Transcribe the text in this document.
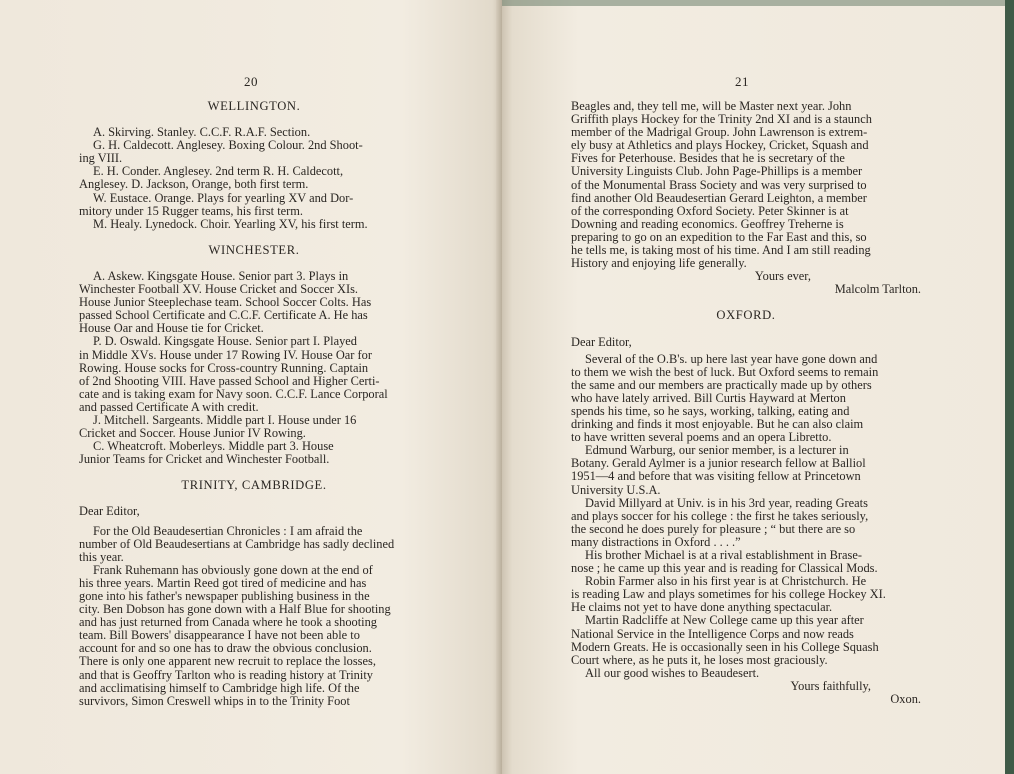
20
WELLINGTON.

A. Skirving. Stanley. C.C.F. R.A.F. Section.

G. H. Caldecott. Anglesey. Boxing Colour. 2nd Shoot-

ing VIII.

E. H. Conder. Anglesey. 2nd term R. H. Caldecott,

Anglesey. D. Jackson, Orange, both first term.

W. Eustace. Orange. Plays for yearling XV and Dor-

mitory under 15 Rugger teams, his first term.

M. Healy. Lynedock. Choir. Yearling XV, his first term.

WINCHESTER.

A. Askew. Kingsgate House. Senior part 3. Plays in

Winchester Football XV. House Cricket and Soccer XIs.

House Junior Steeplechase team. School Soccer Colts. Has

passed School Certificate and C.C.F. Certificate A. He has

House Oar and House tie for Cricket.

P. D. Oswald. Kingsgate House. Senior part I. Played

in Middle XVs. House under 17 Rowing IV. House Oar for

Rowing. House socks for Cross-country Running. Captain

of 2nd Shooting VIII. Have passed School and Higher Certi-

cate and is taking exam for Navy soon. C.C.F. Lance Corporal

and passed Certificate A with credit.

J. Mitchell. Sargeants. Middle part I. House under 16

Cricket and Soccer. House Junior IV Rowing.

C. Wheatcroft. Moberleys. Middle part 3. House

Junior Teams for Cricket and Winchester Football.

TRINITY, CAMBRIDGE.

Dear Editor,

For the Old Beaudesertian Chronicles : I am afraid the

number of Old Beaudesertians at Cambridge has sadly declined

this year.

Frank Ruhemann has obviously gone down at the end of

his three years. Martin Reed got tired of medicine and has

gone into his father's newspaper publishing business in the

city. Ben Dobson has gone down with a Half Blue for shooting

and has just returned from Canada where he took a shooting

team. Bill Bowers' disappearance I have not been able to

account for and so one has to draw the obvious conclusion.

There is only one apparent new recruit to replace the losses,

and that is Geoffry Tarlton who is reading history at Trinity

and acclimatising himself to Cambridge high life. Of the

survivors, Simon Creswell whips in to the Trinity Foot

21

Beagles and, they tell me, will be Master next year. John

Griffith plays Hockey for the Trinity 2nd XI and is a staunch

member of the Madrigal Group. John Lawrenson is extrem-

ely busy at Athletics and plays Hockey, Cricket, Squash and

Fives for Peterhouse. Besides that he is secretary of the

University Linguists Club. John Page-Phillips is a member

of the Monumental Brass Society and was very surprised to

find another Old Beaudesertian Gerard Leighton, a member

of the corresponding Oxford Society. Peter Skinner is at

Downing and reading economics. Geoffrey Treherne is

preparing to go on an expedition to the Far East and this, so

he tells me, is taking most of his time. And I am still reading

History and enjoying life generally.

Yours ever,

Malcolm Tarlton.

OXFORD.

Dear Editor,

Several of the O.B's. up here last year have gone down and

to them we wish the best of luck. But Oxford seems to remain

the same and our members are practically made up by others

who have lately arrived. Bill Curtis Hayward at Merton

spends his time, so he says, working, talking, eating and

drinking and finds it most enjoyable. But he can also claim

to have written several poems and an opera Libretto.

Edmund Warburg, our senior member, is a lecturer in

Botany. Gerald Aylmer is a junior research fellow at Balliol

1951—4 and before that was visiting fellow at Princetown

University U.S.A.

David Millyard at Univ. is in his 3rd year, reading Greats

and plays soccer for his college : the first he takes seriously,

the second he does purely for pleasure ; “ but there are so

many distractions in Oxford . . . .”

His brother Michael is at a rival establishment in Brase-

nose ; he came up this year and is reading for Classical Mods.

Robin Farmer also in his first year is at Christchurch. He

is reading Law and plays sometimes for his college Hockey XI.

He claims not yet to have done anything spectacular.

Martin Radcliffe at New College came up this year after

National Service in the Intelligence Corps and now reads

Modern Greats. He is occasionally seen in his College Squash

Court where, as he puts it, he loses most graciously.

All our good wishes to Beaudesert.

Yours faithfully,

Oxon.
